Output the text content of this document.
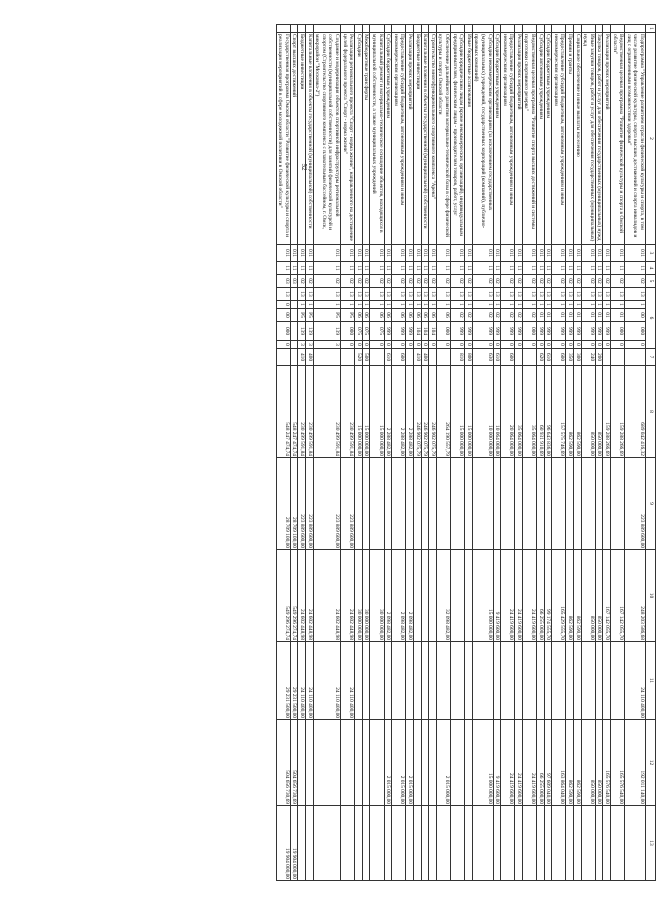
52
1	2	3	4	5	6					7	8	9	10	11	12	13
	Подпрограмма "Управление развитием отрасли физической культуры и спорта, в том числе развитие физической культуры, спорта высших достижений и спорта инвалидов и лиц с ограниченными возможностями здоровья"	011	11	02	13	1	00	000	0		689 042 416,32	223 889 600,00	248 203 586,68	24 110 400,00	192 011 140,00	
	Ведомственная целевая программа "Развитие физической культуры и спорта в Омской области"	011	11	02	13	1	01	000	0		159 288 266,69		167 142 055,70		165 576 540,00	
	Реализация прочих мероприятий	011	11	02	13	1	01	999	0		159 288 266,69		167 142 055,70		165 576 540,00	
	Закупка товаров, работ и услуг для обеспечения государственных (муниципальных) нужд	011	11	02	13	1	01	999	0	200	850 000,00		850 000,00		850 000,00	
	Иные закупки товаров, работ и услуг для обеспечения государственных (муниципальных) нужд	011	11	02	13	1	01	999	0	240	850 000,00		850 000,00		850 000,00	
	Социальное обеспечение и иные выплаты населению	011	11	02	13	1	01	999	0	300	862 590,00		862 590,00		862 590,00	
	Премии и гранты	011	11	02	13	1	01	999	0	350	862 590,00		862 590,00		862 590,00	
	Предоставление субсидий бюджетным, автономным учреждениям и иным некоммерческим организациям	011	11	02	13	1	01	999	0	600	157 575 746,69		165 429 555,70		163 864 040,00	
	Субсидии бюджетным учреждениям	011	11	02	13	1	01	999	0	610	96 643 836,00		99 174 555,70		97 609 040,00	
	Субсидии автономным учреждениям	011	11	02	13	1	01	999	0	620	60 931 910,69		66 255 000,00		66 255 000,00	
	Ведомственная целевая программа "Развитие спорта высших достижений и системы подготовки спортивного резерва"	011	11	02	13	1	02	000	0		35 064 000,00		24 419 600,00		24 419 600,00	
	Реализация прочих мероприятий	011	11	02	13	1	02	999	0		35 064 000,00		24 419 600,00		24 419 600,00	
	Предоставление субсидий бюджетным, автономным учреждениям и иным некоммерческим организациям	011	11	02	13	1	02	999	0	600	20 064 000,00		24 419 600,00		24 419 600,00	
	Субсидии бюджетным учреждениям	011	11	02	13	1	02	999	0	610	10 064 000,00		9 419 600,00		9 419 600,00	
	Субсидии некоммерческим организациям (за исключением государственных (муниципальных) учреждений, государственных корпораций (компаний), публично-правовых компаний)	011	11	02	13	1	02	999	0	630	10 000 000,00		15 000 000,00		15 000 000,00	
	Иные бюджетные ассигнования	011	11	02	13	1	02	999	0	800	15 000 000,00					
	Субсидии юридическим лицам (кроме некоммерческих организаций), индивидуальным предпринимателям, физическим лицам - производителям товаров, работ, услуг	011	11	02	13	1	02	999	0	810	15 000 000,00					
	Обеспечение дальнейшего развития материально-технической базы в сфере физической культуры и спорта Омской области	011	11	02	13	1	06	000	0		264 190 557,79		32 098 482,00		2 015 000,00	
	Строительство многофункционального спортивного комплекса "Арена"	011	11	02	13	1	06	104	0		246 902 075,79					
	Капитальные вложения в объекты государственной (муниципальной) собственности	011	11	02	13	1	06	104	0	400	246 902 075,79					
	Бюджетные инвестиции	011	11	02	13	1	06	104	0	410	246 902 075,79					
	Реализация прочих мероприятий	011	11	02	13	1	06	999	0		2 288 482,00		2 098 482,00		2 015 000,00	
	Предоставление субсидий бюджетным, автономным учреждениям и иным некоммерческим организациям	011	11	02	13	1	06	999	0	600	2 288 482,00		2 098 482,00		2 015 000,00	
	Субсидии бюджетным учреждениям	011	11	02	13	1	06	999	0	610	2 288 482,00		2 098 482,00		2 015 000,00	
	Капитальный ремонт и материально-техническое оснащение объектов, находящихся в муниципальной собственности, а также муниципальных учреждений	011	11	02	13	1	06	075	0		15 000 000,00		30 000 000,00			
	Межбюджетные трансферты	011	11	02	13	1	06	075	0	500	15 000 000,00		30 000 000,00			
	Субсидии	011	11	02	13	1	06	075	0	520	15 000 000,00		30 000 000,00			
	Реализация регионального проекта "Спорт - норма жизни", направленного на достижение целей федерального проекта "Спорт - норма жизни"	011	11	02	13	1	P5	000	0		230 499 591,84	223 889 600,00	24 602 448,98	24 110 400,00		
	Создание и модернизация объектов спортивной инфраструктуры региональной собственности (муниципальной собственности) для занятий физической культурой и спортом (Строительство спортивного комплекса с плавательным бассейном, г. Омск, микрорайон "Московка-2")	011	11	02	13	1	P5	139	3		230 499 591,84	223 889 600,00	24 602 448,98	24 110 400,00		
	Капитальные вложения в объекты государственной (муниципальной) собственности	011	11	02	13	1	P5	139	3	400	230 499 591,84	223 889 600,00	24 602 448,98	24 110 400,00		
	Бюджетные инвестиции	011	11	02	13	1	P5	139	3	410	230 499 591,84	223 889 600,00	24 602 448,98	24 110 400,00		
	Спорт высших достижений	011	11	03							548 247 474,74	28 709 100,00	549 296 274,74	29 231 500,00	504 656 730,69	19 904 000,00
	Государственная программа Омской области "Развитие физической культуры и спорта и реализация мероприятий в сфере молодежной политики в Омской области"	011	11	03	13	0	00	000	0		548 247 474,74	28 709 100,00	549 296 274,74	29 231 500,00	504 656 730,69	19 904 000,00
